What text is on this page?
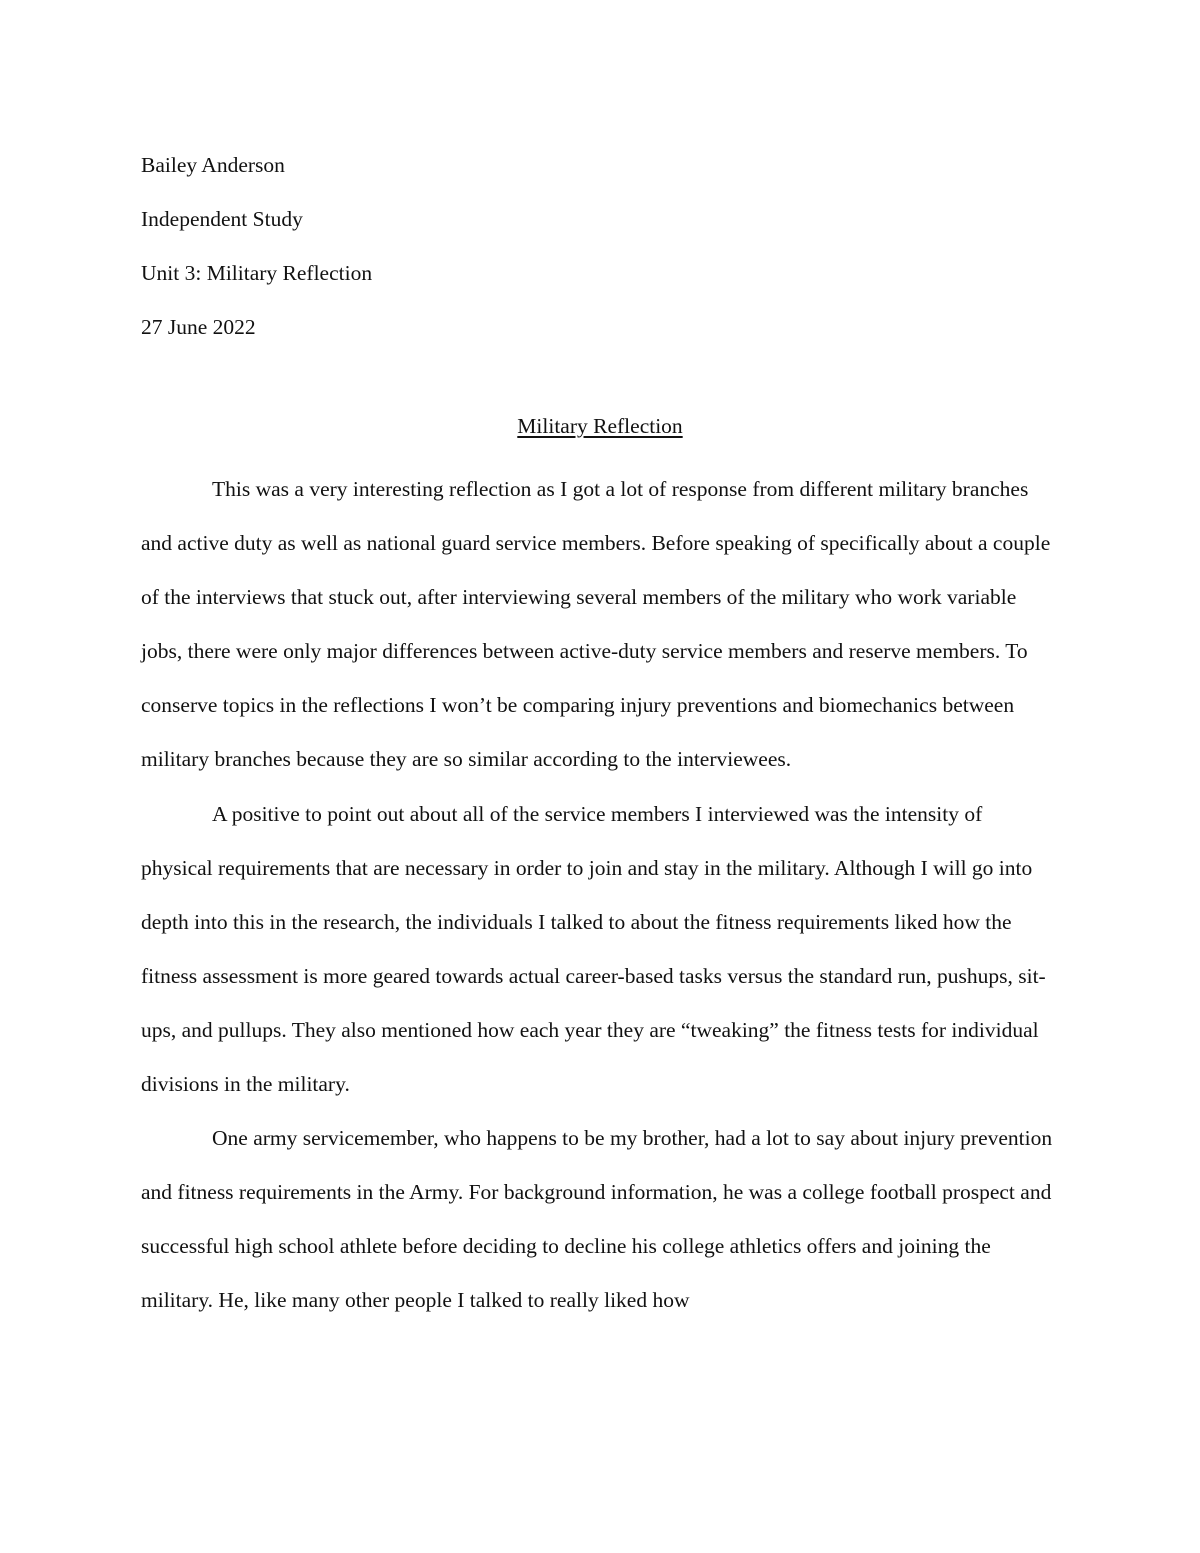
Bailey Anderson
Independent Study
Unit 3: Military Reflection
27 June 2022
Military Reflection

This was a very interesting reflection as I got a lot of response from different military branches and active duty as well as national guard service members. Before speaking of specifically about a couple of the interviews that stuck out, after interviewing several members of the military who work variable jobs, there were only major differences between active-duty service members and reserve members. To conserve topics in the reflections I won’t be comparing injury preventions and biomechanics between military branches because they are so similar according to the interviewees.

A positive to point out about all of the service members I interviewed was the intensity of physical requirements that are necessary in order to join and stay in the military. Although I will go into depth into this in the research, the individuals I talked to about the fitness requirements liked how the fitness assessment is more geared towards actual career-based tasks versus the standard run, pushups, sit-ups, and pullups. They also mentioned how each year they are “tweaking” the fitness tests for individual divisions in the military.

One army servicemember, who happens to be my brother, had a lot to say about injury prevention and fitness requirements in the Army. For background information, he was a college football prospect and successful high school athlete before deciding to decline his college athletics offers and joining the military. He, like many other people I talked to really liked how
